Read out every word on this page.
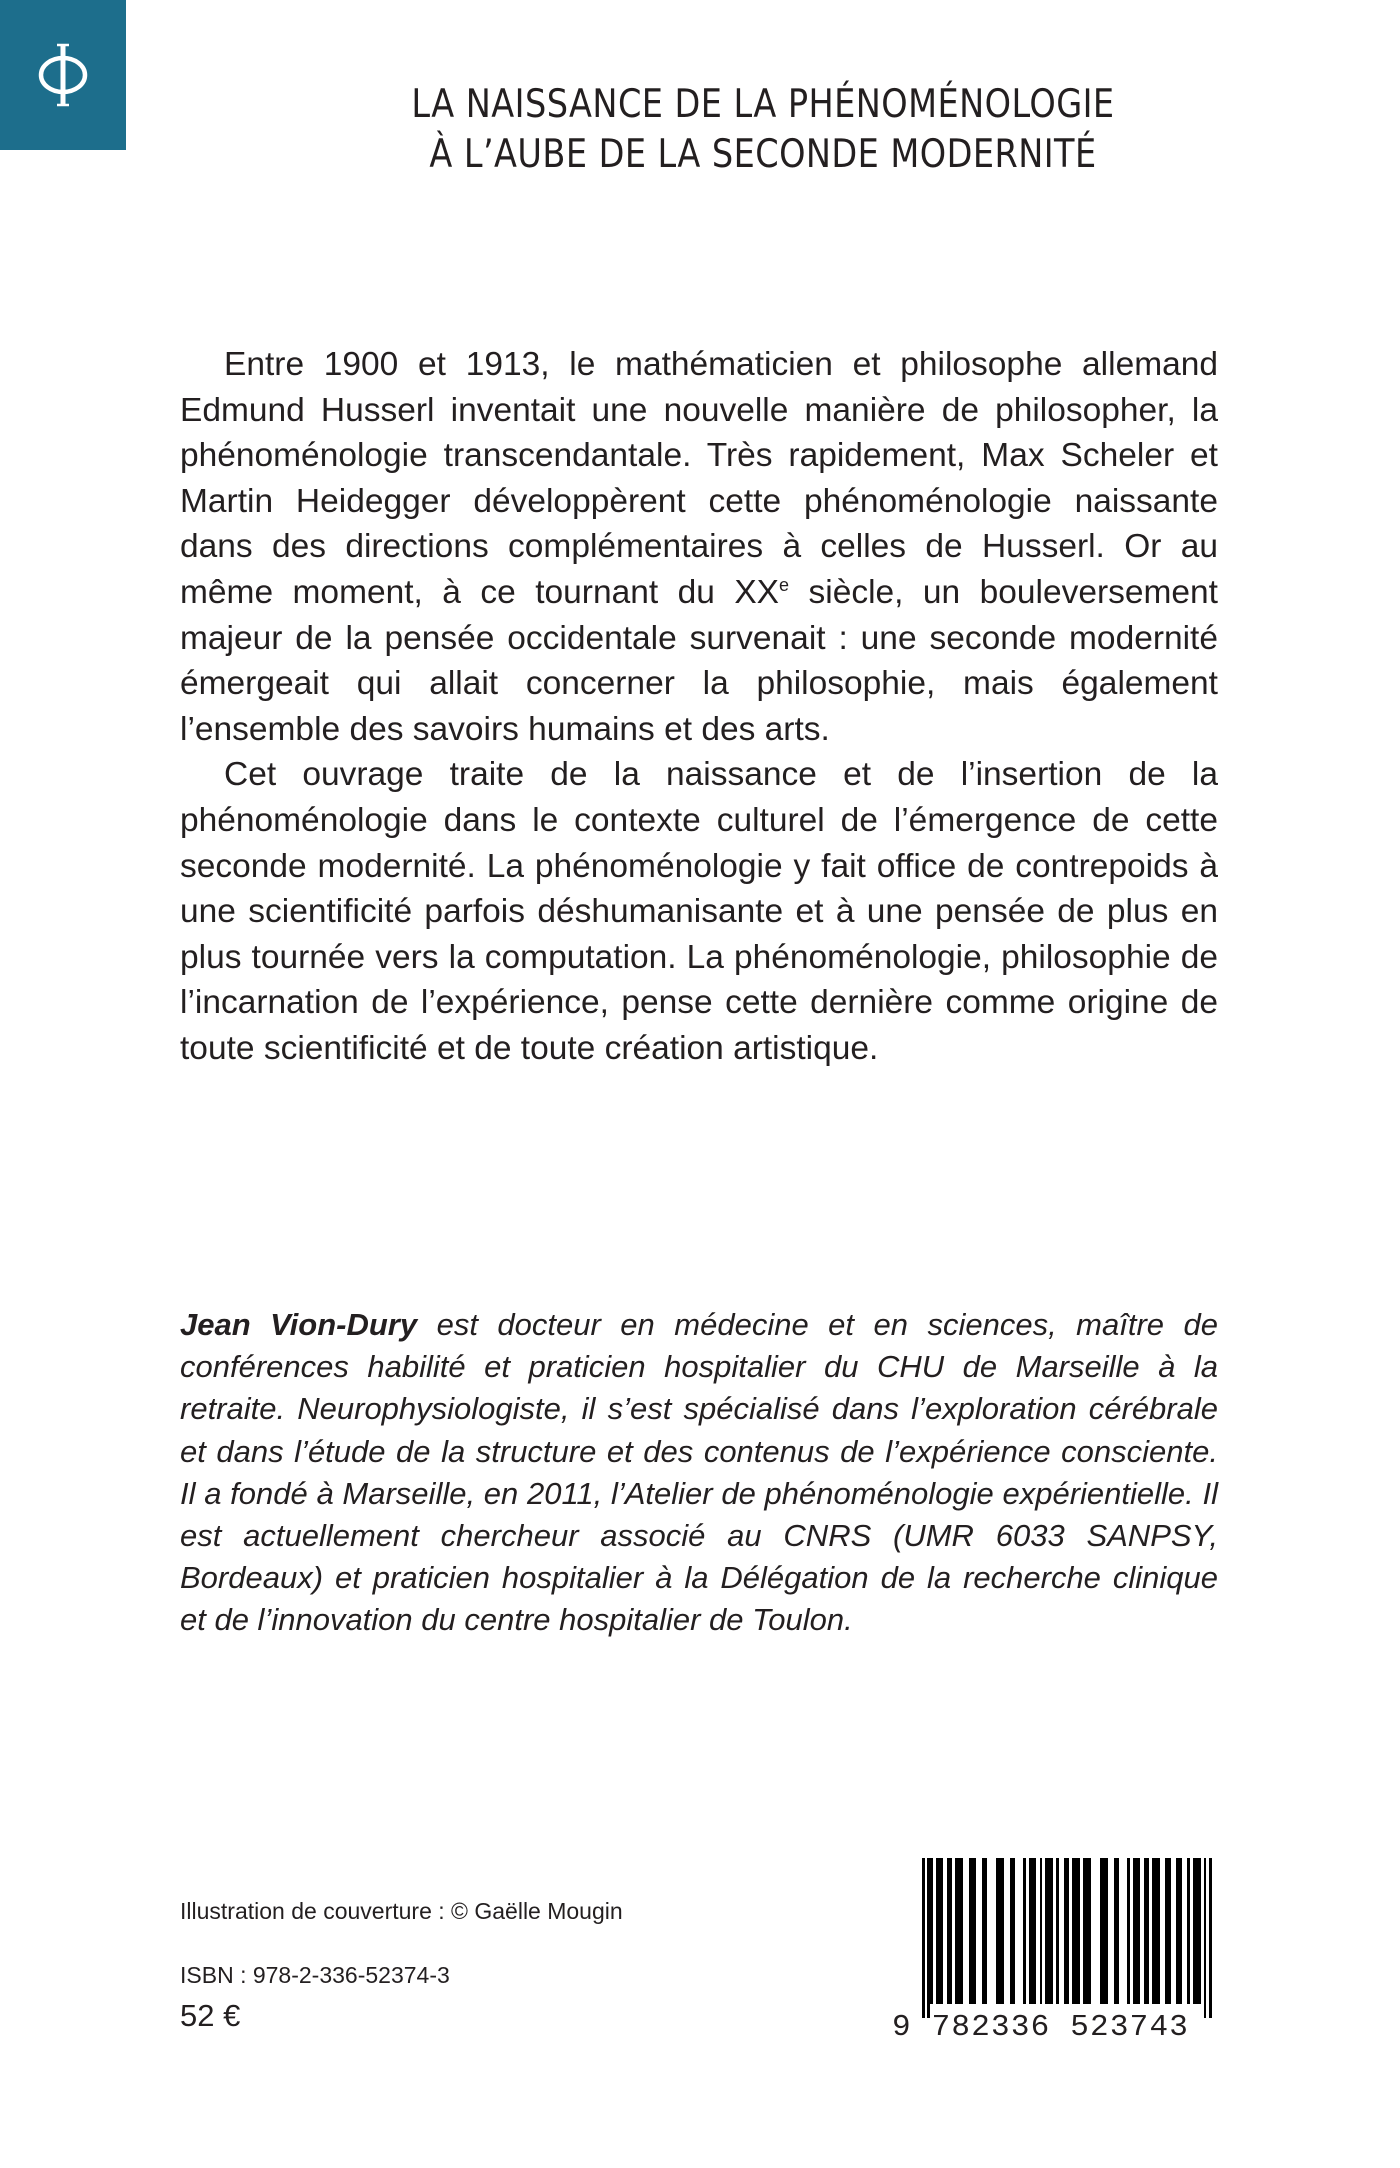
LA NAISSANCE DE LA PHÉNOMÉNOLOGIE
À L’AUBE DE LA SECONDE MODERNITÉ

Entre 1900 et 1913, le mathématicien et philosophe allemand Edmund Husserl inventait une nouvelle manière de philosopher, la phénoménologie transcendantale. Très rapidement, Max Scheler et Martin Heidegger développèrent cette phénoménologie naissante dans des directions complémentaires à celles de Husserl. Or au même moment, à ce tournant du XXe siècle, un bouleversement majeur de la pensée occidentale survenait : une seconde modernité émergeait qui allait concerner la philosophie, mais également l’ensemble des savoirs humains et des arts.

Cet ouvrage traite de la naissance et de l’insertion de la phénoménologie dans le contexte culturel de l’émergence de cette seconde modernité. La phénoménologie y fait office de contrepoids à une scientificité parfois déshumanisante et à une pensée de plus en plus tournée vers la computation. La phénoménologie, philosophie de l’incarnation de l’expérience, pense cette dernière comme origine de toute scientificité et de toute création artistique.

Jean Vion-Dury est docteur en médecine et en sciences, maître de conférences habilité et praticien hospitalier du CHU de Marseille à la retraite. Neurophysiologiste, il s’est spécialisé dans l’exploration cérébrale et dans l’étude de la structure et des contenus de l’expérience consciente. Il a fondé à Marseille, en 2011, l’Atelier de phénoménologie expérientielle. Il est actuellement chercheur associé au CNRS (UMR 6033 SANPSY, Bordeaux) et praticien hospitalier à la Délégation de la recherche clinique et de l’innovation du centre hospitalier de Toulon.
Illustration de couverture : © Gaëlle Mougin
ISBN : 978-2-336-52374-3
52 €	9 782336 523743
